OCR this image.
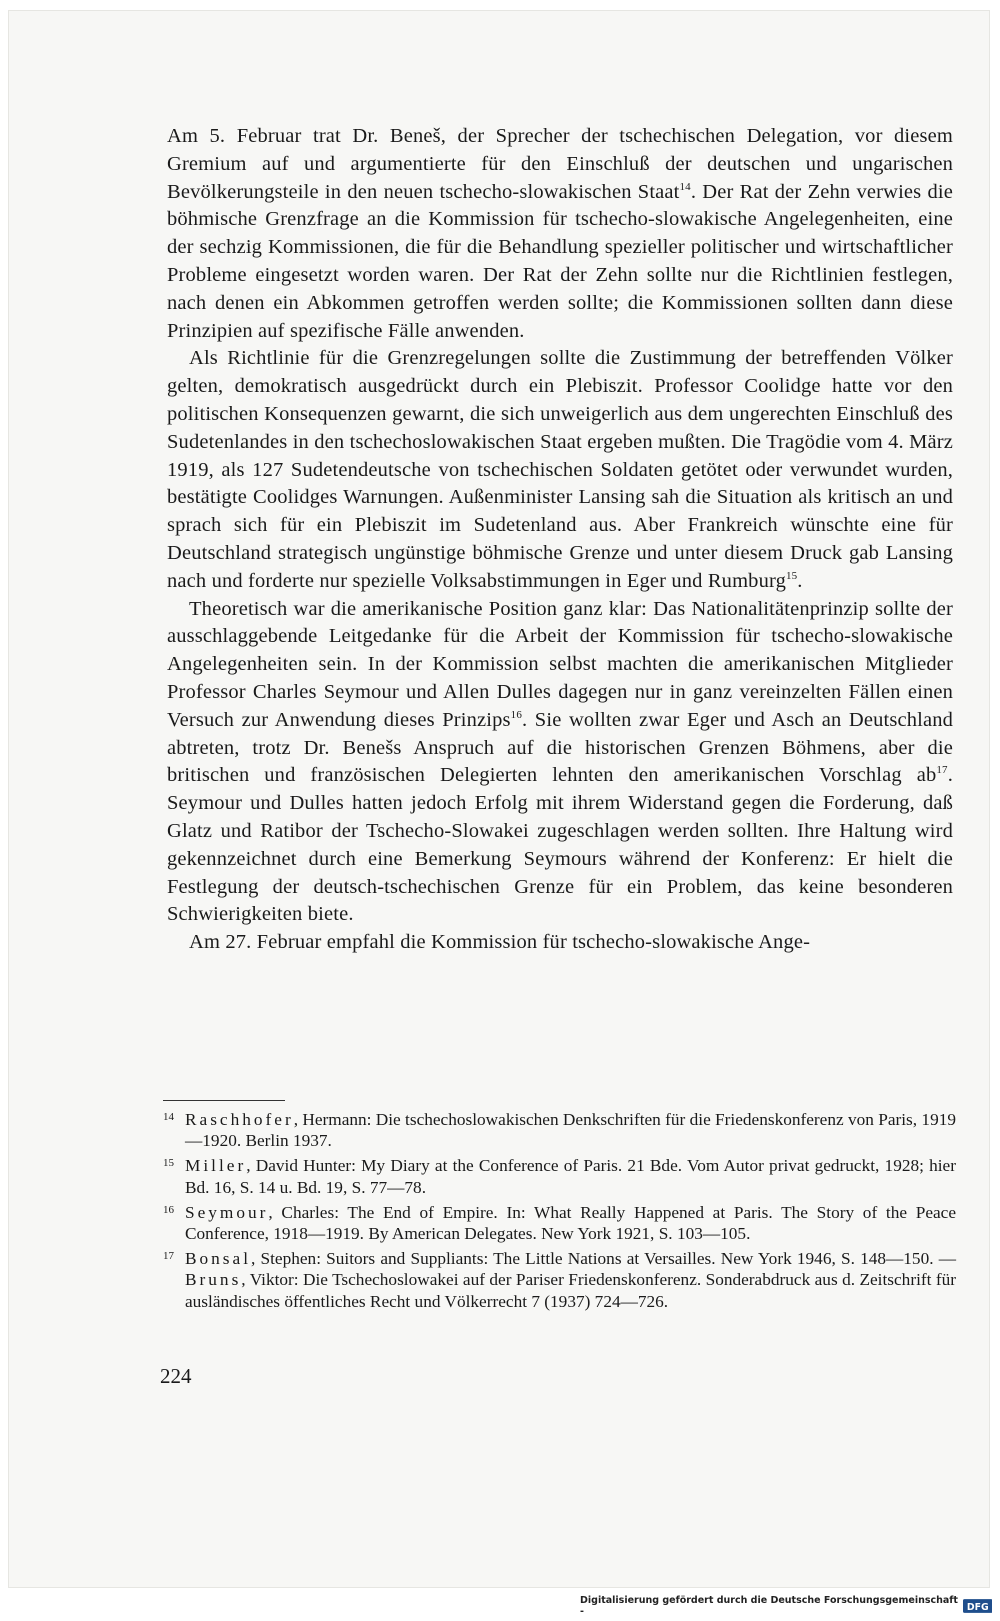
Am 5. Februar trat Dr. Beneš, der Sprecher der tschechischen Delegation, vor diesem Gremium auf und argumentierte für den Einschluß der deutschen und ungarischen Bevölkerungsteile in den neuen tschecho-slowakischen Staat$^{14}$. Der Rat der Zehn verwies die böhmische Grenzfrage an die Kommission für tschecho-slowakische Angelegenheiten, eine der sechzig Kommissionen, die für die Behandlung spezieller politischer und wirtschaftlicher Probleme eingesetzt worden waren. Der Rat der Zehn sollte nur die Richtlinien festlegen, nach denen ein Abkommen getroffen werden sollte; die Kommissionen sollten dann diese Prinzipien auf spezifische Fälle anwenden.

Als Richtlinie für die Grenzregelungen sollte die Zustimmung der betreffenden Völker gelten, demokratisch ausgedrückt durch ein Plebiszit. Professor Coolidge hatte vor den politischen Konsequenzen gewarnt, die sich unweigerlich aus dem ungerechten Einschluß des Sudetenlandes in den tschechoslowakischen Staat ergeben mußten. Die Tragödie vom 4. März 1919, als 127 Sudetendeutsche von tschechischen Soldaten getötet oder verwundet wurden, bestätigte Coolidges Warnungen. Außenminister Lansing sah die Situation als kritisch an und sprach sich für ein Plebiszit im Sudetenland aus. Aber Frankreich wünschte eine für Deutschland strategisch ungünstige böhmische Grenze und unter diesem Druck gab Lansing nach und forderte nur spezielle Volksabstimmungen in Eger und Rumburg$^{15}$.

Theoretisch war die amerikanische Position ganz klar: Das Nationalitätenprinzip sollte der ausschlaggebende Leitgedanke für die Arbeit der Kommission für tschecho-slowakische Angelegenheiten sein. In der Kommission selbst machten die amerikanischen Mitglieder Professor Charles Seymour und Allen Dulles dagegen nur in ganz vereinzelten Fällen einen Versuch zur Anwendung dieses Prinzips$^{16}$. Sie wollten zwar Eger und Asch an Deutschland abtreten, trotz Dr. Benešs Anspruch auf die historischen Grenzen Böhmens, aber die britischen und französischen Delegierten lehnten den amerikanischen Vorschlag $ab^{17}$. Seymour und Dulles hatten jedoch Erfolg mit ihrem Widerstand gegen die Forderung, daß Glatz und Ratibor der Tschecho-Slowakei zugeschlagen werden sollten. Ihre Haltung wird gekennzeichnet durch eine Bemerkung Seymours während der Konferenz: Er hielt die Festlegung der deutsch-tschechischen Grenze für ein Problem, das keine besonderen Schwierigkeiten biete.

Am 27. Februar empfahl die Kommission für tschecho-slowakische Ange-

14 Raschhofer, Hermann: Die tschechoslowakischen Denkschriften für die Friedenskonferenz von Paris, 1919—1920. Berlin 1937.
15 Miller, David Hunter: My Diary at the Conference of Paris. 21 Bde. Vom Autor privat gedruckt, 1928; hier Bd. 16, S. 14 u. Bd. 19, S. 77—78.
16 Seymour, Charles: The End of Empire. In: What Really Happened at Paris. The Story of the Peace Conference, 1918—1919. By American Delegates. New York 1921, S. 103—105.
17 Bonsal, Stephen: Suitors and Suppliants: The Little Nations at Versailles. New York 1946, S. 148—150. — Bruns, Viktor: Die Tschechoslowakei auf der Pariser Friedenskonferenz. Sonderabdruck aus d. Zeitschrift für ausländisches öffentliches Recht und Völkerrecht 7 (1937) 724—726.
224
Digitalisierung gefördert durch die Deutsche Forschungsgemeinschaft -	DFG
